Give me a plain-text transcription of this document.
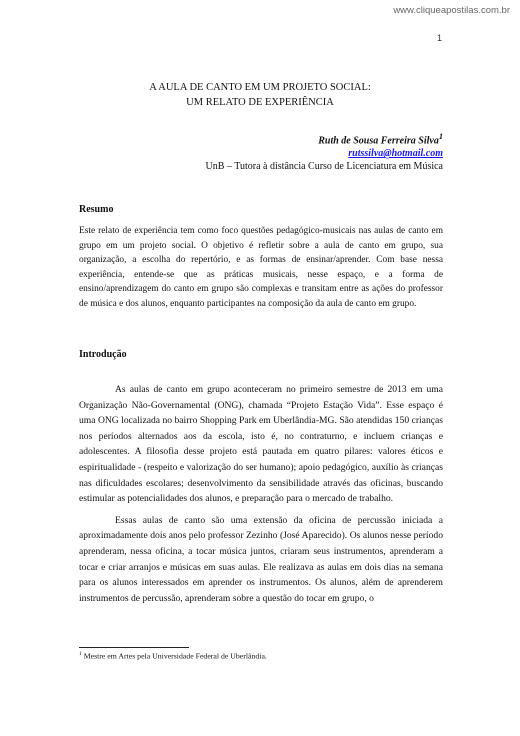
www.cliqueapostilas.com.br
1
A AULA DE CANTO EM UM PROJETO SOCIAL:
UM RELATO DE EXPERIÊNCIA
Ruth de Sousa Ferreira Silva$^1$
rutssilva@hotmail.com
UnB – Tutora à distância Curso de Licenciatura em Música
Resumo
Este relato de experiência tem como foco questões pedagógico-musicais nas aulas de canto em grupo em um projeto social. O objetivo é refletir sobre a aula de canto em grupo, sua organização, a escolha do repertório, e as formas de ensinar/aprender. Com base nessa experiência, entende-se que as práticas musicais, nesse espaço, e a forma de ensino/aprendizagem do canto em grupo são complexas e transitam entre as ações do professor de música e dos alunos, enquanto participantes na composição da aula de canto em grupo.
Introdução

As aulas de canto em grupo aconteceram no primeiro semestre de 2013 em uma Organização Não-Governamental (ONG), chamada “Projeto Estação Vida”. Esse espaço é uma ONG localizada no bairro Shopping Park em Uberlândia-MG. São atendidas 150 crianças nos períodos alternados aos da escola, isto é, no contraturno, e incluem crianças e adolescentes. A filosofia desse projeto está pautada em quatro pilares: valores éticos e espiritualidade - (respeito e valorização do ser humano); apoio pedagógico, auxílio às crianças nas dificuldades escolares; desenvolvimento da sensibilidade através das oficinas, buscando estimular as potencialidades dos alunos, e preparação para o mercado de trabalho.

Essas aulas de canto são uma extensão da oficina de percussão iniciada a aproximadamente dois anos pelo professor Zezinho (José Aparecido). Os alunos nesse período aprenderam, nessa oficina, a tocar música juntos, criaram seus instrumentos, aprenderam a tocar e criar arranjos e músicas em suas aulas. Ele realizava as aulas em dois dias na semana para os alunos interessados em aprender os instrumentos. Os alunos, além de aprenderem instrumentos de percussão, aprenderam sobre a questão do tocar em grupo, o

$^1$ Mestre em Artes pela Universidade Federal de Uberlândia.
